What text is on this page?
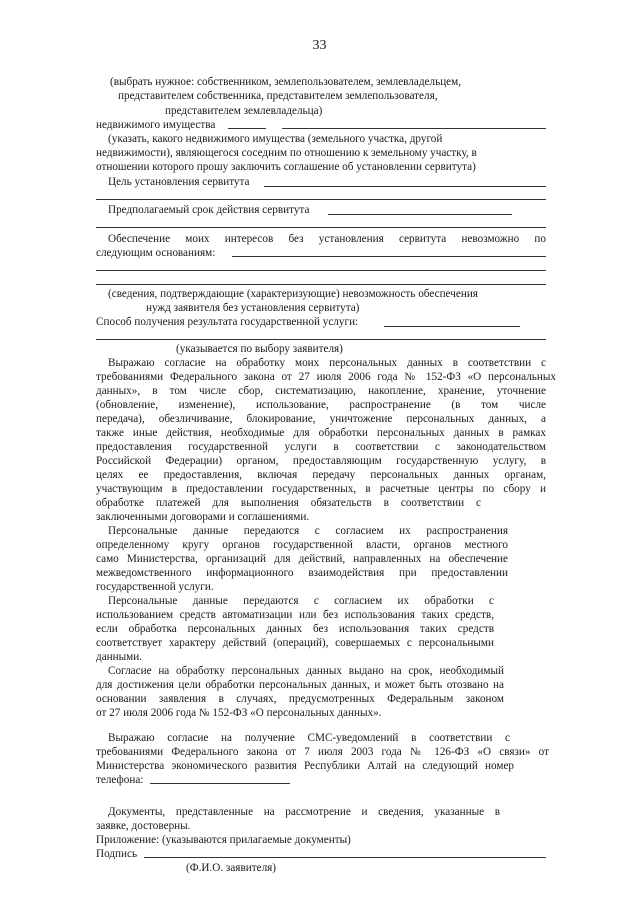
33
(выбрать нужное: собственником, землепользователем, землевладельцем,
представителем собственника, представителем землепользователя,
представителем землевладельца)
недвижимого имущества
(указать, какого недвижимого имущества (земельного участка, другой
недвижимости), являющегося соседним по отношению к земельному участку, в
отношении которого прошу заключить соглашение об установлении сервитута)
Цель установления сервитута
Предполагаемый срок действия сервитута
Обеспечение моих интересов без установления сервитута невозможно по
следующим основаниям:
(сведения, подтверждающие (характеризующие) невозможность обеспечения
нужд заявителя без установления сервитута)
Способ получения результата государственной услуги:
(указывается по выбору заявителя)
Выражаю согласие на обработку моих персональных данных в соответствии с
требованиями Федерального закона от 27 июля 2006 года № 152-ФЗ «О персональных
данных», в том числе сбор, систематизацию, накопление, хранение, уточнение
(обновление, изменение), использование, распространение (в том числе
передача), обезличивание, блокирование, уничтожение персональных данных, а
также иные действия, необходимые для обработки персональных данных в рамках
предоставления государственной услуги в соответствии с законодательством
Российской Федерации) органом, предоставляющим государственную услугу, в
целях ее предоставления, включая передачу персональных данных органам,
участвующим в предоставлении государственных, в расчетные центры по сбору и
обработке платежей для выполнения обязательств в соответствии с
заключенными договорами и соглашениями.
Персональные данные передаются с согласием их распространения
определенному кругу органов государственной власти, органов местного
само Министерства, организаций для действий, направленных на обеспечение
межведомственного информационного взаимодействия при предоставлении
государственной услуги.
Персональные данные передаются с согласием их обработки с
использованием средств автоматизации или без использования таких средств,
если обработка персональных данных без использования таких средств
соответствует характеру действий (операций), совершаемых с персональными
данными.
Согласие на обработку персональных данных выдано на срок, необходимый
для достижения цели обработки персональных данных, и может быть отозвано на
основании заявления в случаях, предусмотренных Федеральным законом
от 27 июля 2006 года № 152-ФЗ «О персональных данных».
Выражаю согласие на получение СМС-уведомлений в соответствии с
требованиями Федерального закона от 7 июля 2003 года № 126-ФЗ «О связи» от
Министерства экономического развития Республики Алтай на следующий номер
телефона:
Документы, представленные на рассмотрение и сведения, указанные в
заявке, достоверны.
Приложение: (указываются прилагаемые документы)
Подпись
(Ф.И.О. заявителя)
